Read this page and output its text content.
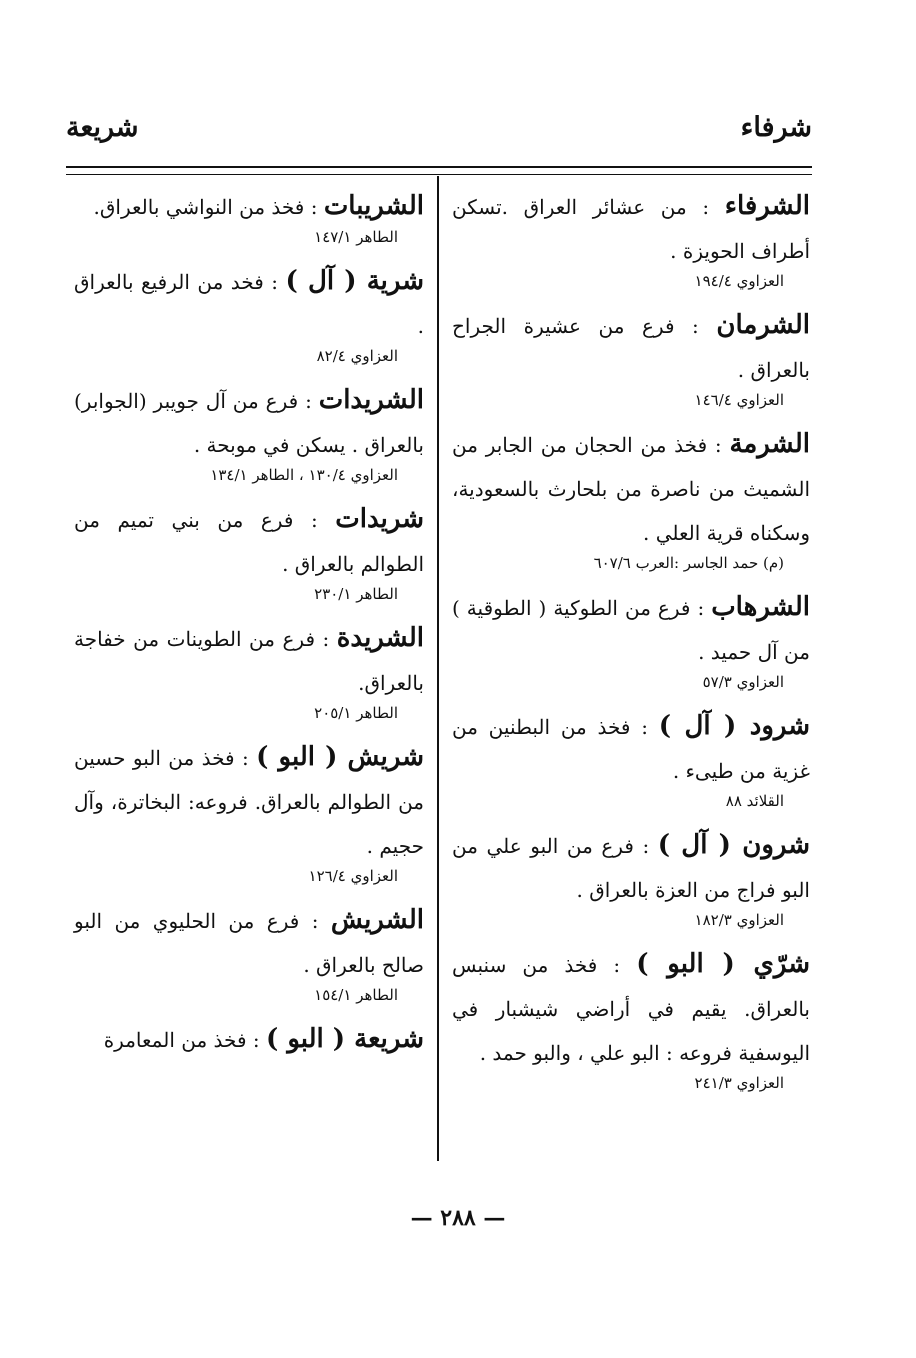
شرفاء
شريعة
الشرفاء : من عشائر العراق .تسكن أطراف الحويزة .
العزاوي ١٩٤/٤
الشرمان : فرع من عشيرة الجراح بالعراق .
العزاوي ١٤٦/٤
الشرمة : فخذ من الحجان من الجابر من الشميث من ناصرة من بلحارث بالسعودية، وسكناه قرية العلي .
(م) حمد الجاسر :العرب ٦٠٧/٦
الشرهاب : فرع من الطوكية ( الطوقية ) من آل حميد .
العزاوي ٥٧/٣
شرود ( آل ) : فخذ من البطنين من غزية من طيىء .
القلائد ٨٨
شرون ( آل ) : فرع من البو علي من البو فراج من العزة بالعراق .
العزاوي ١٨٢/٣
شرّي ( البو ) : فخذ من سنبس بالعراق. يقيم في أراضي شيشبار في اليوسفية فروعه : البو علي ، والبو حمد .
العزاوي ٢٤١/٣
الشريبات : فخذ من النواشي بالعراق.
الطاهر ١٤٧/١
شرية ( آل ) : فخد من الرفيع بالعراق .
العزاوي ٨٢/٤
الشريدات : فرع من آل جويبر (الجوابر) بالعراق . يسكن في موبحة .
العزاوي ١٣٠/٤ ، الطاهر ١٣٤/١
شريدات : فرع من بني تميم من الطوالم بالعراق .
الطاهر ٢٣٠/١
الشريدة : فرع من الطوينات من خفاجة بالعراق.
الطاهر ٢٠٥/١
شريش ( البو ) : فخذ من البو حسين من الطوالم بالعراق. فروعه: البخاترة، وآل حجيم .
العزاوي ١٢٦/٤
الشريش : فرع من الحليوي من البو صالح بالعراق .
الطاهر ١٥٤/١
شريعة ( البو ) : فخذ من المعامرة
— ٢٨٨ —
